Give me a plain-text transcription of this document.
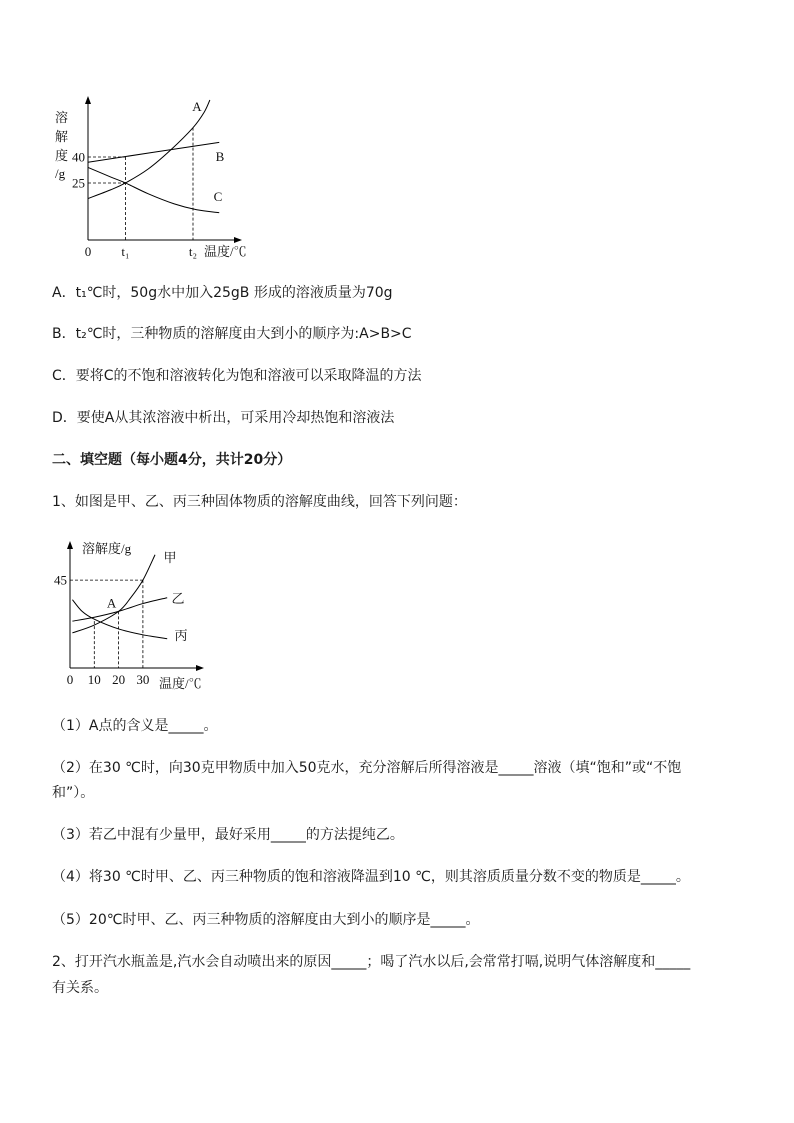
A
B
C
0 t₁	t₂
40
25
溶
解
度
/g
温度/℃
A．t₁℃时，50g水中加入25gB 形成的溶液质量为70g
B．t₂℃时，三种物质的溶解度由大到小的顺序为:A>B>C
C．要将C的不饱和溶液转化为饱和溶液可以采取降温的方法
D．要使A从其浓溶液中析出，可采用冷却热饱和溶液法
二、填空题（每小题4分，共计20分）
1、如图是甲、乙、丙三种固体物质的溶解度曲线，回答下列问题：
甲
乙
丙
0 10 20 30
45
溶解度/g
温度/℃
A
（1）A点的含义是_____。
（2）在30 ℃时，向30克甲物质中加入50克水，充分溶解后所得溶液是_____溶液（填“饱和”或“不饱
和”）。
（3）若乙中混有少量甲，最好采用_____的方法提纯乙。
（4）将30 ℃时甲、乙、丙三种物质的饱和溶液降温到10 ℃，则其溶质质量分数不变的物质是_____。
（5）20℃时甲、乙、丙三种物质的溶解度由大到小的顺序是_____。
2、打开汽水瓶盖是,汽水会自动喷出来的原因_____；喝了汽水以后,会常常打嗝,说明气体溶解度和_____
有关系。
